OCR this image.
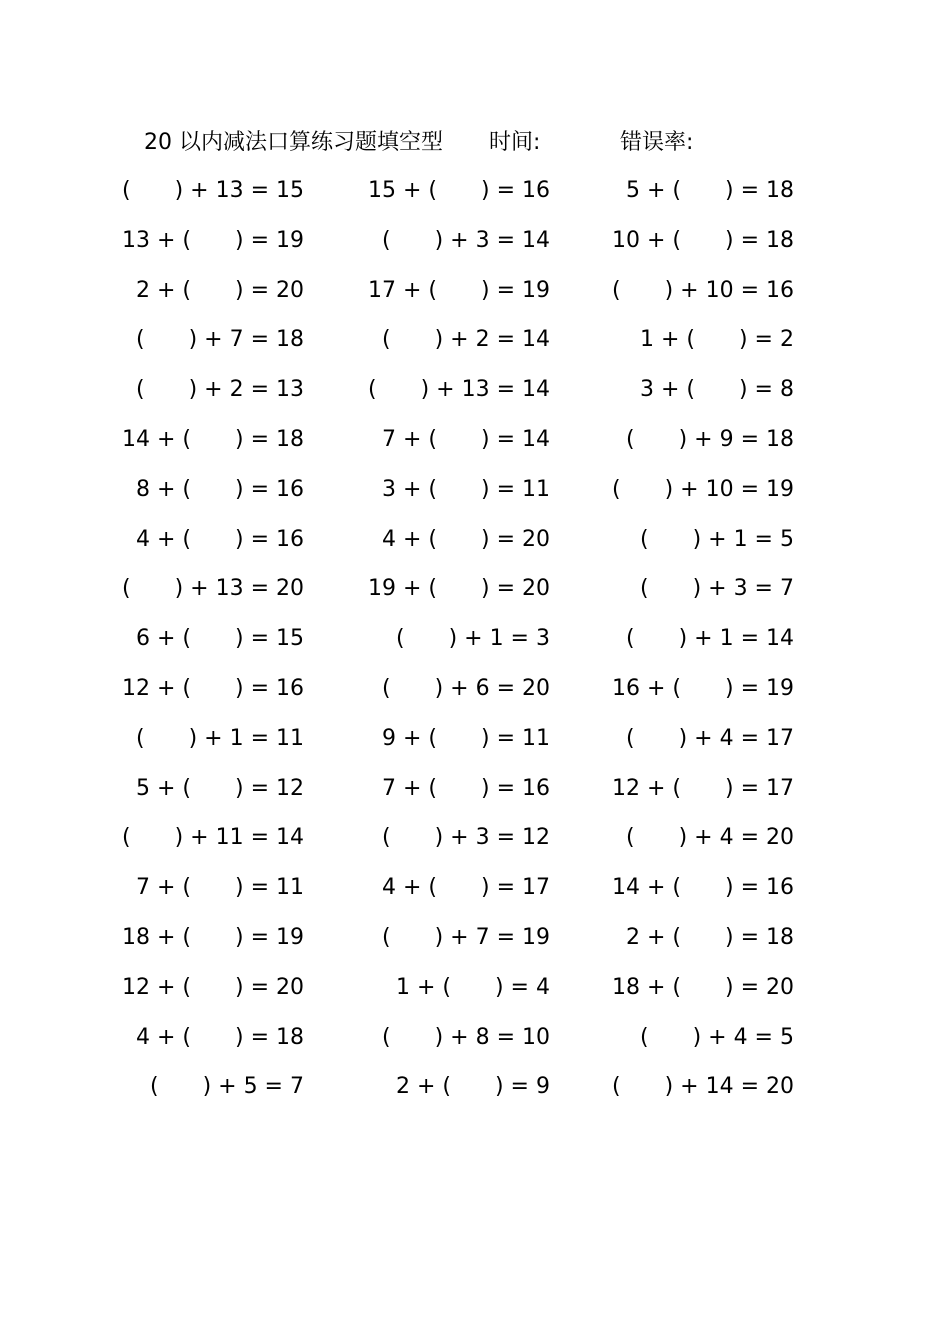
20 以内减法口算练习题填空型 时间:	错误率:
(　　) + 13 = 15	15 + (　　) = 16	5 + (　　) = 18
13 + (　　) = 19	(　　) + 3 = 14	10 + (　　) = 18
2 + (　　) = 20	17 + (　　) = 19	(　　) + 10 = 16
(　　) + 7 = 18	(　　) + 2 = 14	1 + (　　) = 2
(　　) + 2 = 13	(　　) + 13 = 14	3 + (　　) = 8
14 + (　　) = 18	7 + (　　) = 14	(　　) + 9 = 18
8 + (　　) = 16	3 + (　　) = 11	(　　) + 10 = 19
4 + (　　) = 16	4 + (　　) = 20	(　　) + 1 = 5
(　　) + 13 = 20	19 + (　　) = 20	(　　) + 3 = 7
6 + (　　) = 15	(　　) + 1 = 3	(　　) + 1 = 14
12 + (　　) = 16	(　　) + 6 = 20	16 + (　　) = 19
(　　) + 1 = 11	9 + (　　) = 11	(　　) + 4 = 17
5 + (　　) = 12	7 + (　　) = 16	12 + (　　) = 17
(　　) + 11 = 14	(　　) + 3 = 12	(　　) + 4 = 20
7 + (　　) = 11	4 + (　　) = 17	14 + (　　) = 16
18 + (　　) = 19	(　　) + 7 = 19	2 + (　　) = 18
12 + (　　) = 20	1 + (　　) = 4	18 + (　　) = 20
4 + (　　) = 18	(　　) + 8 = 10	(　　) + 4 = 5
(　　) + 5 = 7	2 + (　　) = 9	(　　) + 14 = 20
